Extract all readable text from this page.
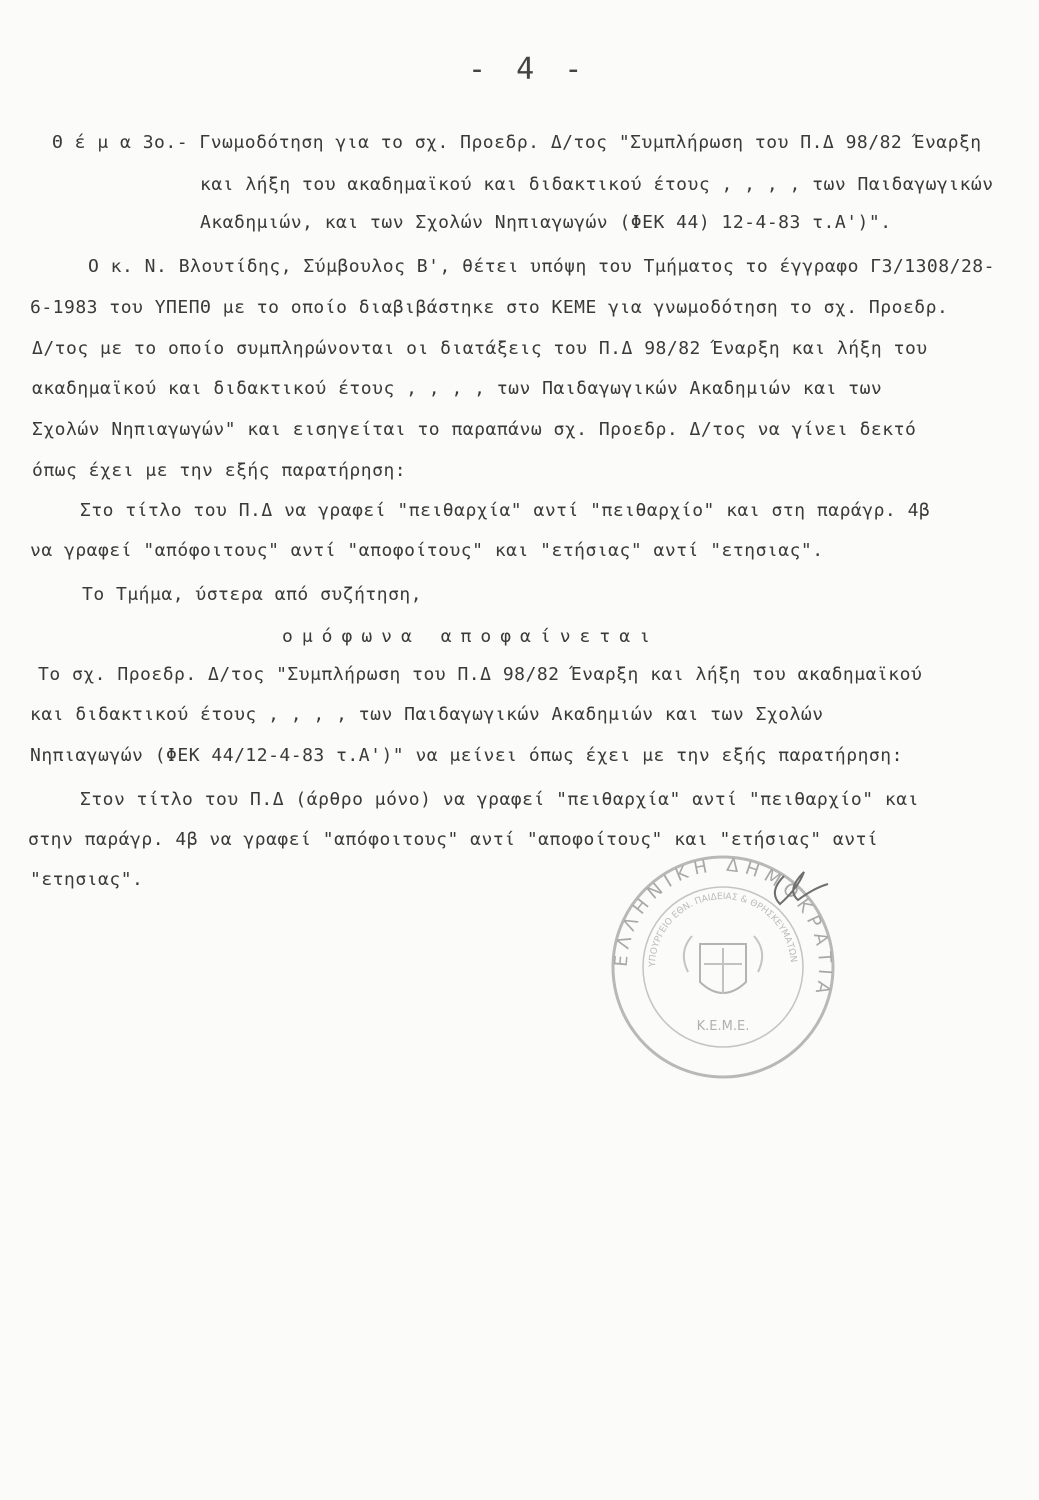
- 4 -
Θ έ μ α 3ο.- Γνωμοδότηση για το σχ. Προεδρ. Δ/τος "Συμπλήρωση του Π.Δ 98/82 Έναρξη
και λήξη του ακαδημαϊκού και διδακτικού έτους , , , , των Παιδαγωγικών
Ακαδημιών, και των Σχολών Νηπιαγωγών (ΦΕΚ 44) 12-4-83 τ.Α')".
Ο κ. Ν. Βλουτίδης, Σύμβουλος Β', θέτει υπόψη του Τμήματος το έγγραφο Γ3/1308/28-
6-1983 του ΥΠΕΠΘ με το οποίο διαβιβάστηκε στο ΚΕΜΕ για γνωμοδότηση το σχ. Προεδρ.
Δ/τος με το οποίο συμπληρώνονται οι διατάξεις του Π.Δ 98/82 Έναρξη και λήξη του
ακαδημαϊκού και διδακτικού έτους , , , , των Παιδαγωγικών Ακαδημιών και των
Σχολών Νηπιαγωγών" και εισηγείται το παραπάνω σχ. Προεδρ. Δ/τος να γίνει δεκτό
όπως έχει με την εξής παρατήρηση:
Στο τίτλο του Π.Δ να γραφεί "πειθαρχία" αντί "πειθαρχίο" και στη παράγρ. 4β
να γραφεί "απόφοιτους" αντί "αποφοίτους" και "ετήσιας" αντί "ετησιας".
Το Τμήμα, ύστερα από συζήτηση,
ομόφωνα αποφαίνεται
Το σχ. Προεδρ. Δ/τος "Συμπλήρωση του Π.Δ 98/82 Έναρξη και λήξη του ακαδημαϊκού
και διδακτικού έτους , , , , των Παιδαγωγικών Ακαδημιών και των Σχολών
Νηπιαγωγών (ΦΕΚ 44/12-4-83 τ.Α')" να μείνει όπως έχει με την εξής παρατήρηση:
Στον τίτλο του Π.Δ (άρθρο μόνο) να γραφεί "πειθαρχία" αντί "πειθαρχίο" και
στην παράγρ. 4β να γραφεί "απόφοιτους" αντί "αποφοίτους" και "ετήσιας" αντί
"ετησιας".
ΕΛΛΗΝΙΚΗ ΔΗΜΟΚΡΑΤΙΑ
ΥΠΟΥΡΓΕΙΟ ΕΘΝ. ΠΑΙΔΕΙΑΣ & ΘΡΗΣΚΕΥΜΑΤΩΝ
Κ.Ε.Μ.Ε.
